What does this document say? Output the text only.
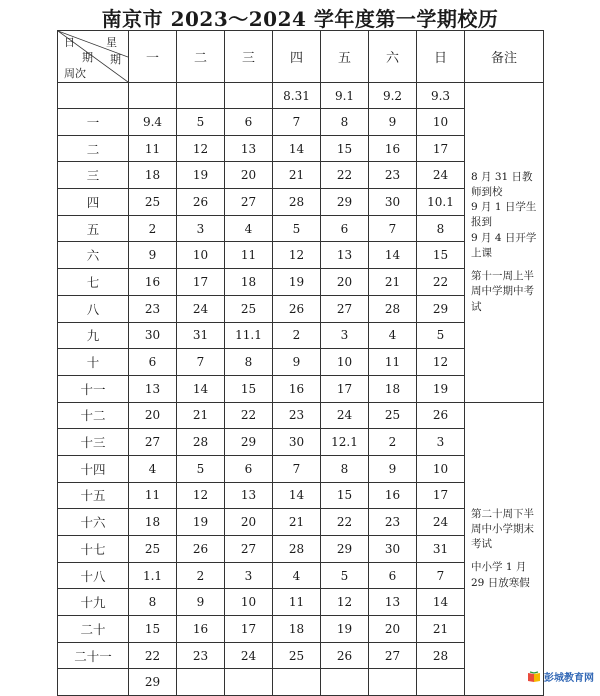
南京市 2023～2024 学年度第一学期校历
日 星
期 期
周次	一	二	三	四	五	六	日	备注
				8.31	9.1	9.2	9.3	8 月 31 日教师到校

9 月 1 日学生报到

9 月 4 日开学上课

第十一周上半周中学期中考试

一	9.4	5	6	7	8	9	10	
二	11	12	13	14	15	16	17	
三	18	19	20	21	22	23	24	
四	25	26	27	28	29	30	10.1	
五	2	3	4	5	6	7	8	
六	9	10	11	12	13	14	15	
七	16	17	18	19	20	21	22	
八	23	24	25	26	27	28	29	
九	30	31	11.1	2	3	4	5	
十	6	7	8	9	10	11	12	
十一	13	14	15	16	17	18	19	
十二	20	21	22	23	24	25	26	第二十周下半周中小学期末考试

中小学 1 月 29 日放寒假

十三	27	28	29	30	12.1	2	3	
十四	4	5	6	7	8	9	10	
十五	11	12	13	14	15	16	17	
十六	18	19	20	21	22	23	24	
十七	25	26	27	28	29	30	31	
十八	1.1	2	3	4	5	6	7	
十九	8	9	10	11	12	13	14	
二十	15	16	17	18	19	20	21	
二十一	22	23	24	25	26	27	28	
	29								彭城教育网
